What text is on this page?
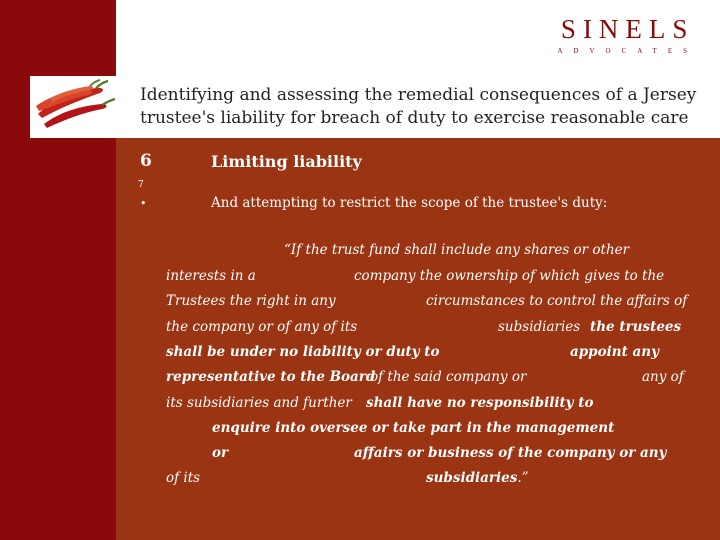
SINELS
ADVOCATES
Identifying and assessing the remedial consequences of a Jersey trustee's liability for breach of duty to exercise reasonable care
6	Limiting liability
7
•	And attempting to restrict the scope of the trustee's duty:
“If the trust fund shall include any shares or other
interests in a	company the ownership of which gives to the
Trustees the right in any	circumstances to control the affairs of
the company or of any of its	subsidiaries the trustees
shall be under no liability or duty to	appoint any
representative to the Board
of the said company or	any of
its subsidiaries and further shall have no responsibility to
enquire into oversee or take part in the management
or	affairs or business of the company or any
of its	subsidiaries.”
